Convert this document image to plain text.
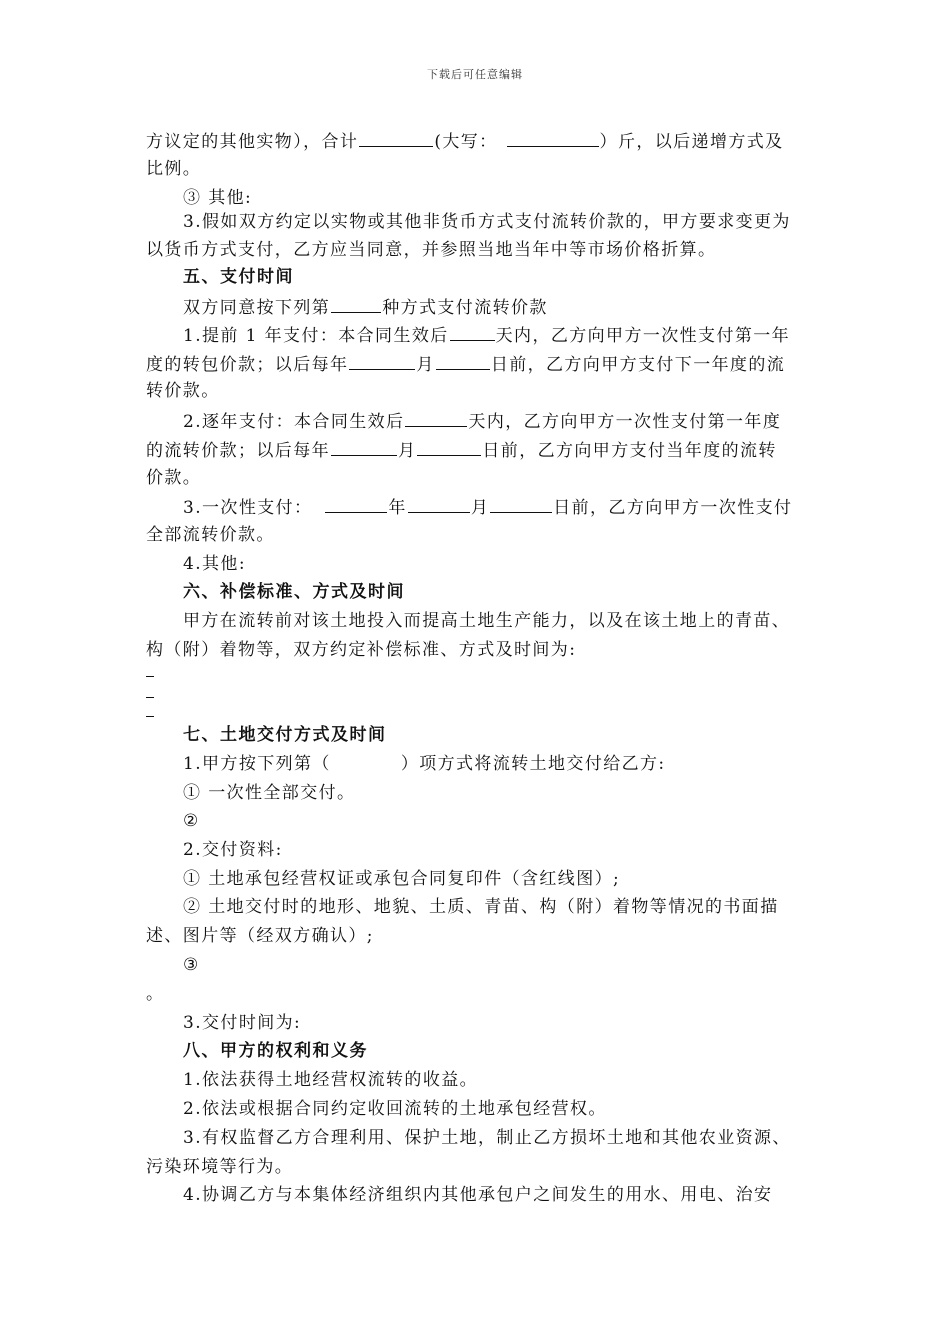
下载后可任意编辑
方议定的其他实物），合计	(大写：	）斤，以后递增方式及
比例。
③ 其他:
3.假如双方约定以实物或其他非货币方式支付流转价款的，甲方要求变更为
以货币方式支付，乙方应当同意，并参照当地当年中等市场价格折算。
五、支付时间
双方同意按下列第	种方式支付流转价款
1.提前 1 年支付：本合同生效后	天内，乙方向甲方一次性支付第一年
度的转包价款；以后每年	月	日前，乙方向甲方支付下一年度的流
转价款。
2.逐年支付：本合同生效后	天内，乙方向甲方一次性支付第一年度
的流转价款；以后每年	月	日前，乙方向甲方支付当年度的流转
价款。
3.一次性支付：	年	月	日前，乙方向甲方一次性支付
全部流转价款。
4.其他:
六、补偿标准、方式及时间
甲方在流转前对该土地投入而提高土地生产能力，以及在该土地上的青苗、
构（附）着物等，双方约定补偿标准、方式及时间为:
七、土地交付方式及时间
1.甲方按下列第（	）项方式将流转土地交付给乙方:
① 一次性全部交付。
②
2.交付资料:
① 土地承包经营权证或承包合同复印件（含红线图）;
② 土地交付时的地形、地貌、土质、青苗、构（附）着物等情况的书面描
述、图片等（经双方确认）;
③
。
3.交付时间为:
八、甲方的权利和义务
1.依法获得土地经营权流转的收益。
2.依法或根据合同约定收回流转的土地承包经营权。
3.有权监督乙方合理利用、保护土地，制止乙方损坏土地和其他农业资源、
污染环境等行为。
4.协调乙方与本集体经济组织内其他承包户之间发生的用水、用电、治安
